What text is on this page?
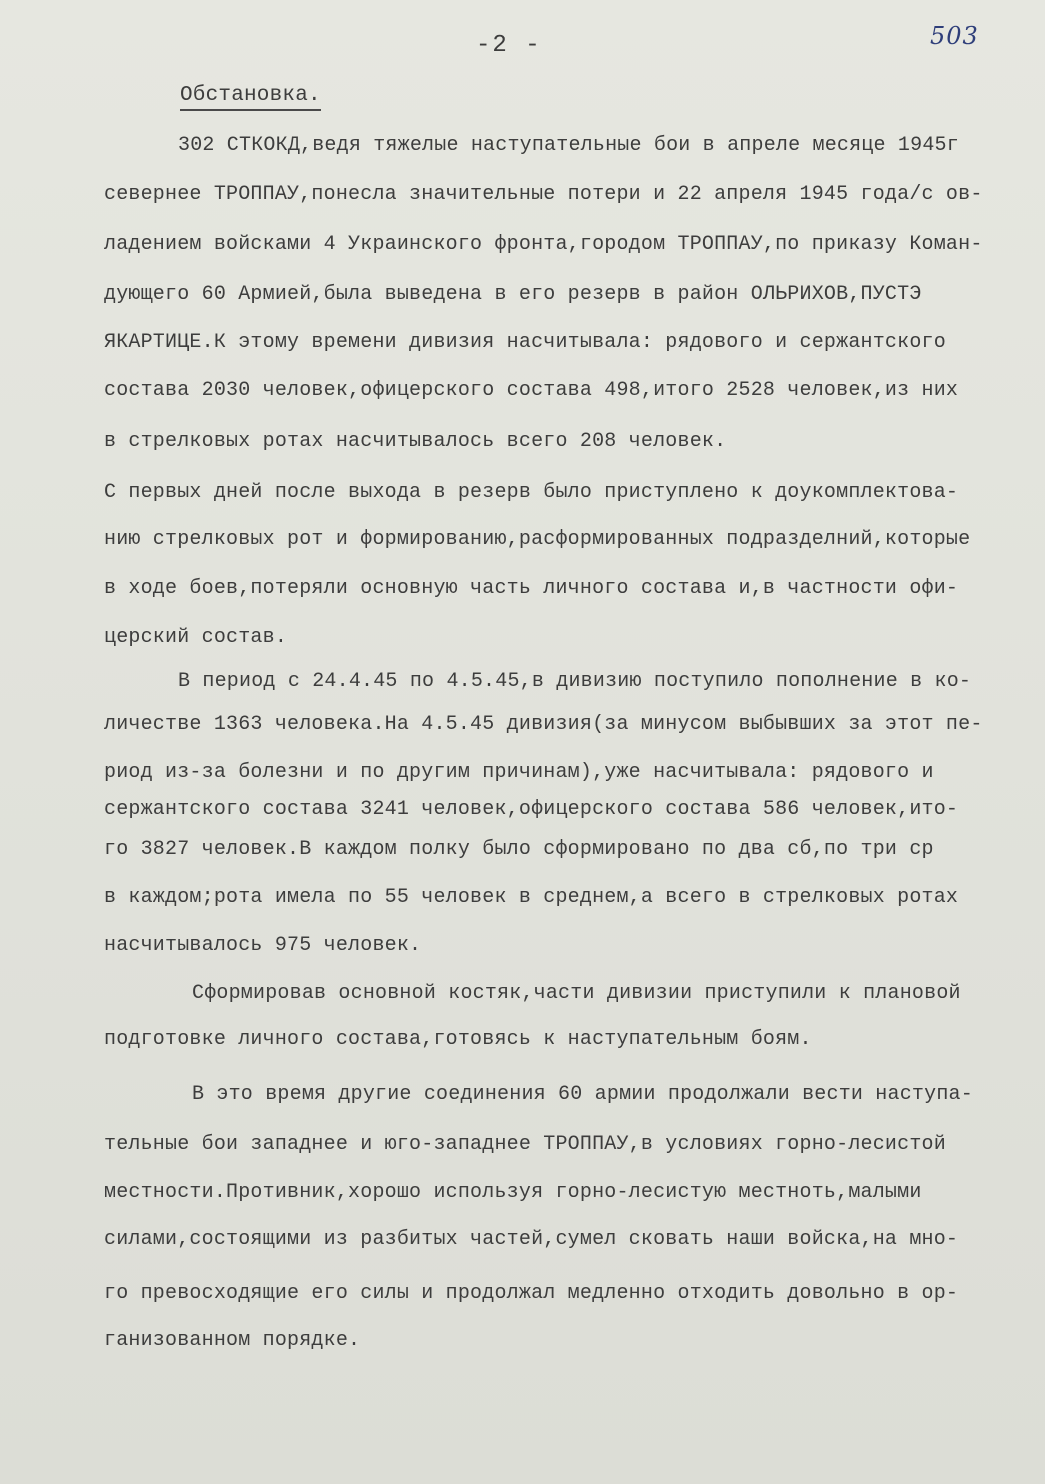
-2 -	503
Обстановка.
302 СТКОКД,ведя тяжелые наступательные бои в апреле месяце 1945г
севернее ТРОППАУ,понесла значительные потери и 22 апреля 1945 года/с ов-
ладением войсками 4 Украинского фронта,городом ТРОППАУ,по приказу Коман-
дующего 60 Армией,была выведена в его резерв в район ОЛЬРИХОВ,ПУСТЭ
ЯКАРТИЦЕ.К этому времени дивизия насчитывала: рядового и сержантского
состава 2030 человек,офицерского состава 498,итого 2528 человек,из них
в стрелковых ротах насчитывалось всего 208 человек.
С первых дней после выхода в резерв было приступлено к доукомплектова-
нию стрелковых рот и формированию,расформированных подразделний,которые
в ходе боев,потеряли основную часть личного состава и,в частности офи-
церский состав.
В период с 24.4.45 по 4.5.45,в дивизию поступило пополнение в ко-
личестве 1363 человека.На 4.5.45 дивизия(за минусом выбывших за этот пе-
риод из-за болезни и по другим причинам),уже насчитывала: рядового и
сержантского состава 3241 человек,офицерского состава 586 человек,ито-
го 3827 человек.В каждом полку было сформировано по два сб,по три ср
в каждом;рота имела по 55 человек в среднем,а всего в стрелковых ротах
насчитывалось 975 человек.
Сформировав основной костяк,части дивизии приступили к плановой
подготовке личного состава,готовясь к наступательным боям.
В это время другие соединения 60 армии продолжали вести наступа-
тельные бои западнее и юго-западнее ТРОППАУ,в условиях горно-лесистой
местности.Противник,хорошо используя горно-лесистую местноть,малыми
силами,состоящими из разбитых частей,сумел сковать наши войска,на мно-
го превосходящие его силы и продолжал медленно отходить довольно в ор-
ганизованном порядке.
